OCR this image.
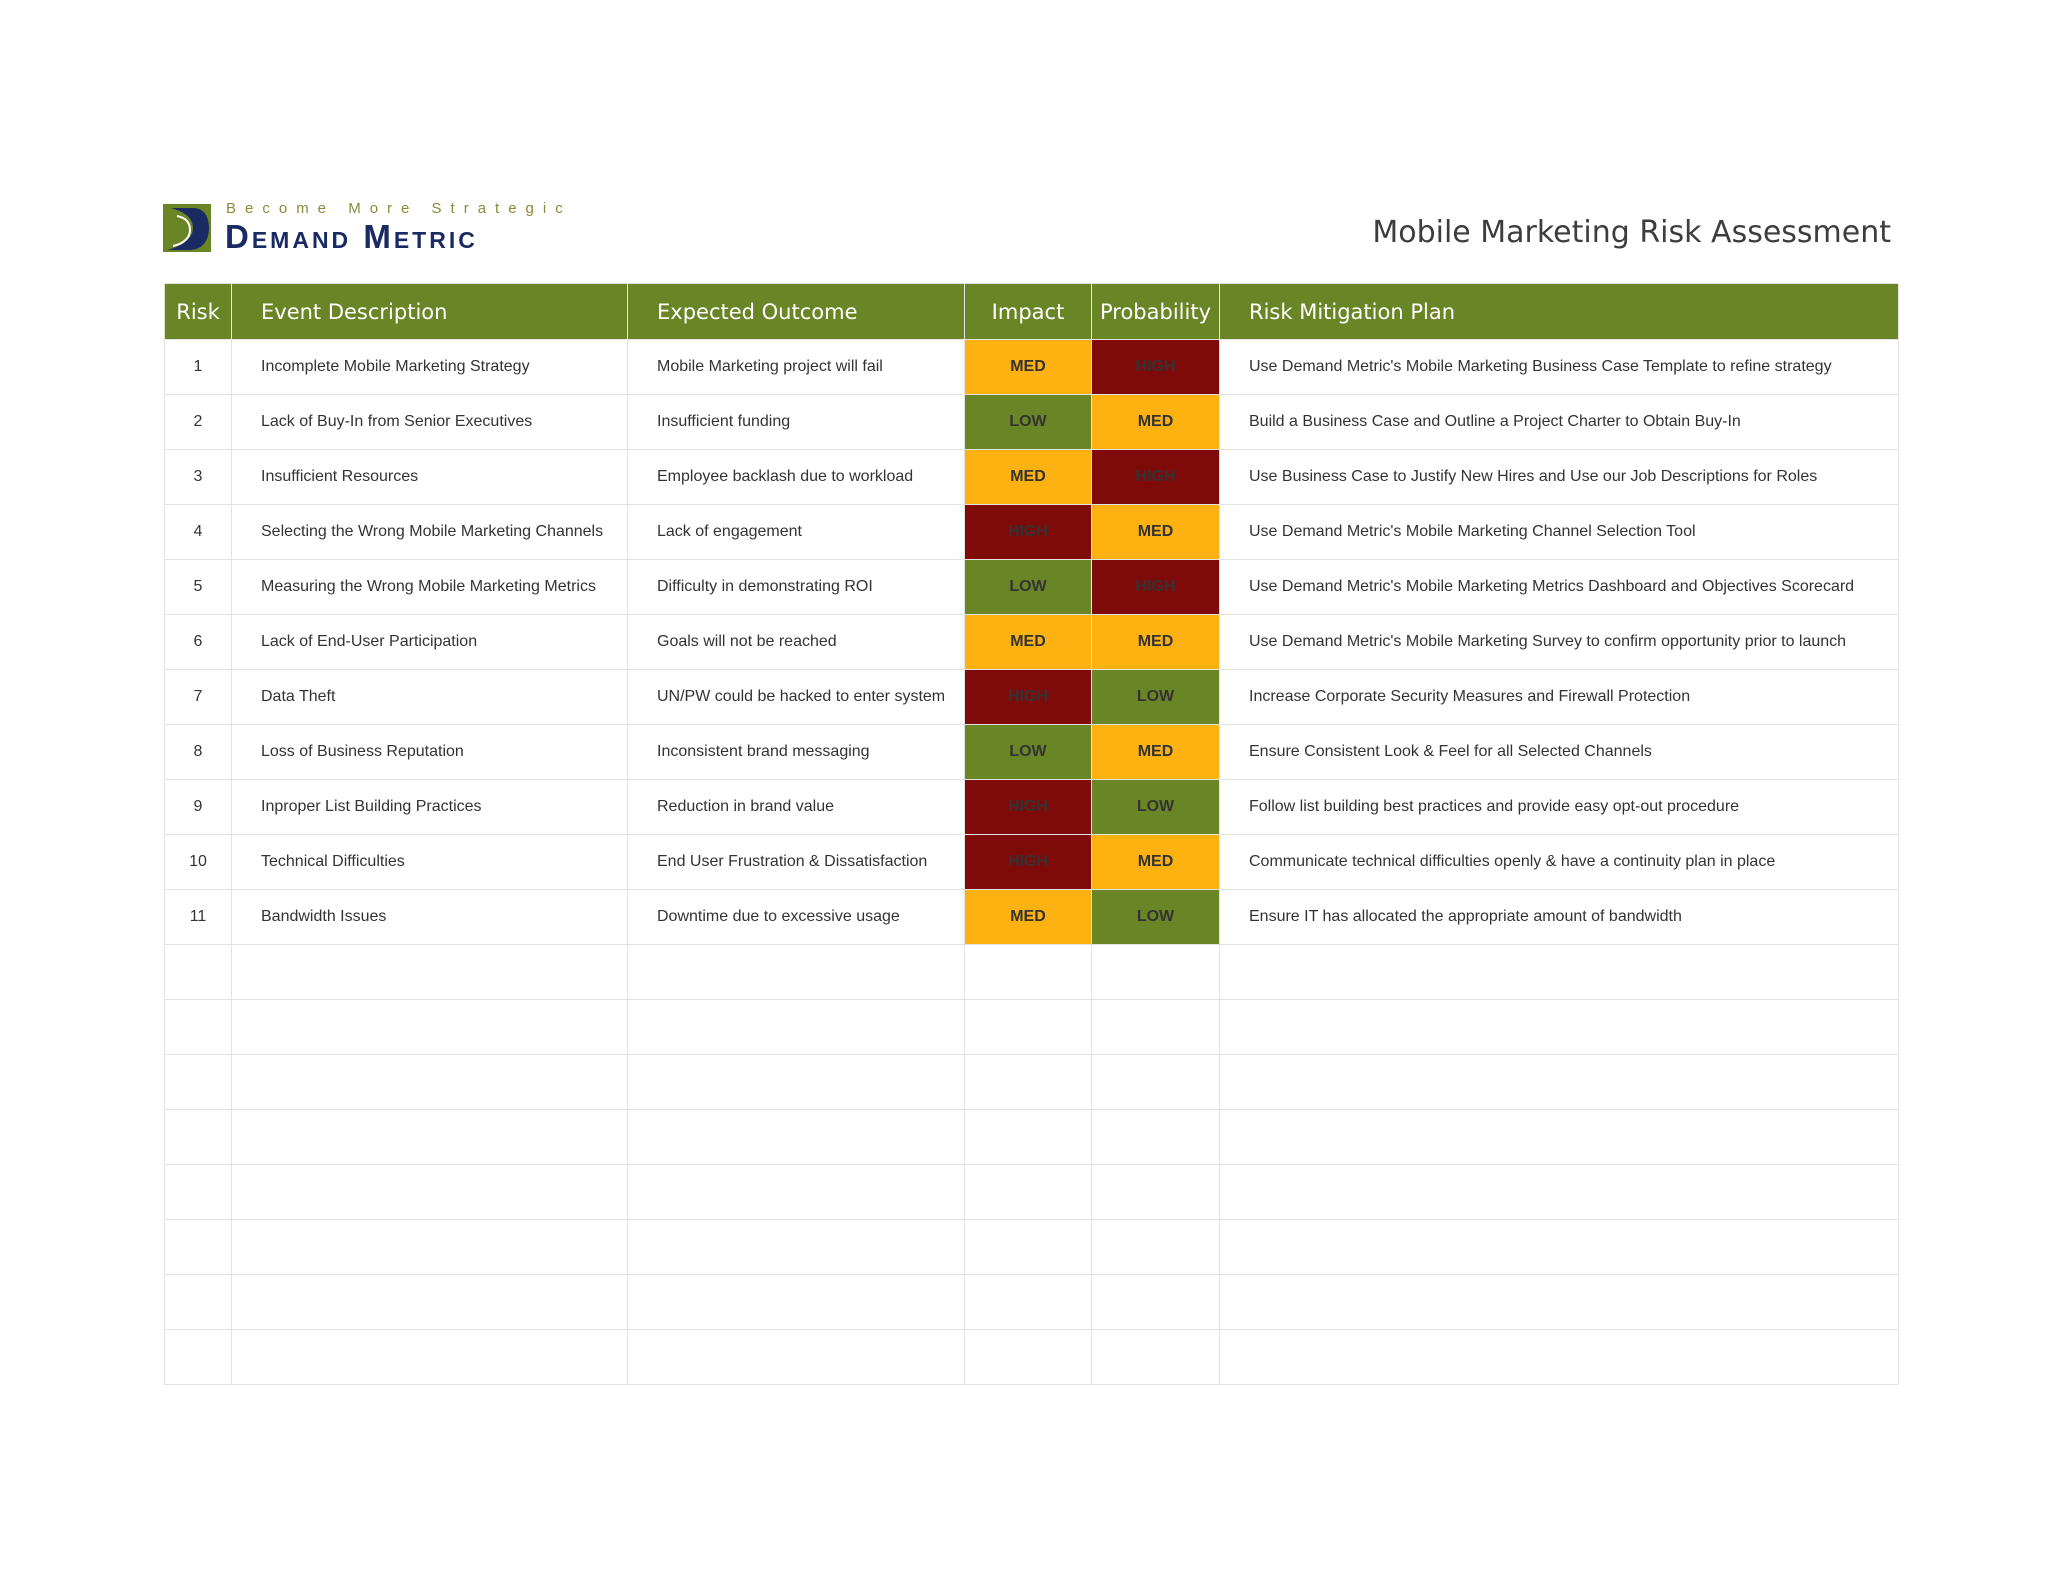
Become More Strategic
Demand Metric	Mobile Marketing Risk Assessment
Risk	Event Description	Expected Outcome	Impact	Probability	Risk Mitigation Plan
1	Incomplete Mobile Marketing Strategy	Mobile Marketing project will fail	MED	HIGH	Use Demand Metric's Mobile Marketing Business Case Template to refine strategy
2	Lack of Buy-In from Senior Executives	Insufficient funding	LOW	MED	Build a Business Case and Outline a Project Charter to Obtain Buy-In
3	Insufficient Resources	Employee backlash due to workload	MED	HIGH	Use Business Case to Justify New Hires and Use our Job Descriptions for Roles
4	Selecting the Wrong Mobile Marketing Channels	Lack of engagement	HIGH	MED	Use Demand Metric's Mobile Marketing Channel Selection Tool
5	Measuring the Wrong Mobile Marketing Metrics	Difficulty in demonstrating ROI	LOW	HIGH	Use Demand Metric's Mobile Marketing Metrics Dashboard and Objectives Scorecard
6	Lack of End-User Participation	Goals will not be reached	MED	MED	Use Demand Metric's Mobile Marketing Survey to confirm opportunity prior to launch
7	Data Theft	UN/PW could be hacked to enter system	HIGH	LOW	Increase Corporate Security Measures and Firewall Protection
8	Loss of Business Reputation	Inconsistent brand messaging	LOW	MED	Ensure Consistent Look & Feel for all Selected Channels
9	Inproper List Building Practices	Reduction in brand value	HIGH	LOW	Follow list building best practices and provide easy opt-out procedure
10	Technical Difficulties	End User Frustration & Dissatisfaction	HIGH	MED	Communicate technical difficulties openly & have a continuity plan in place
11	Bandwidth Issues	Downtime due to excessive usage	MED	LOW	Ensure IT has allocated the appropriate amount of bandwidth
